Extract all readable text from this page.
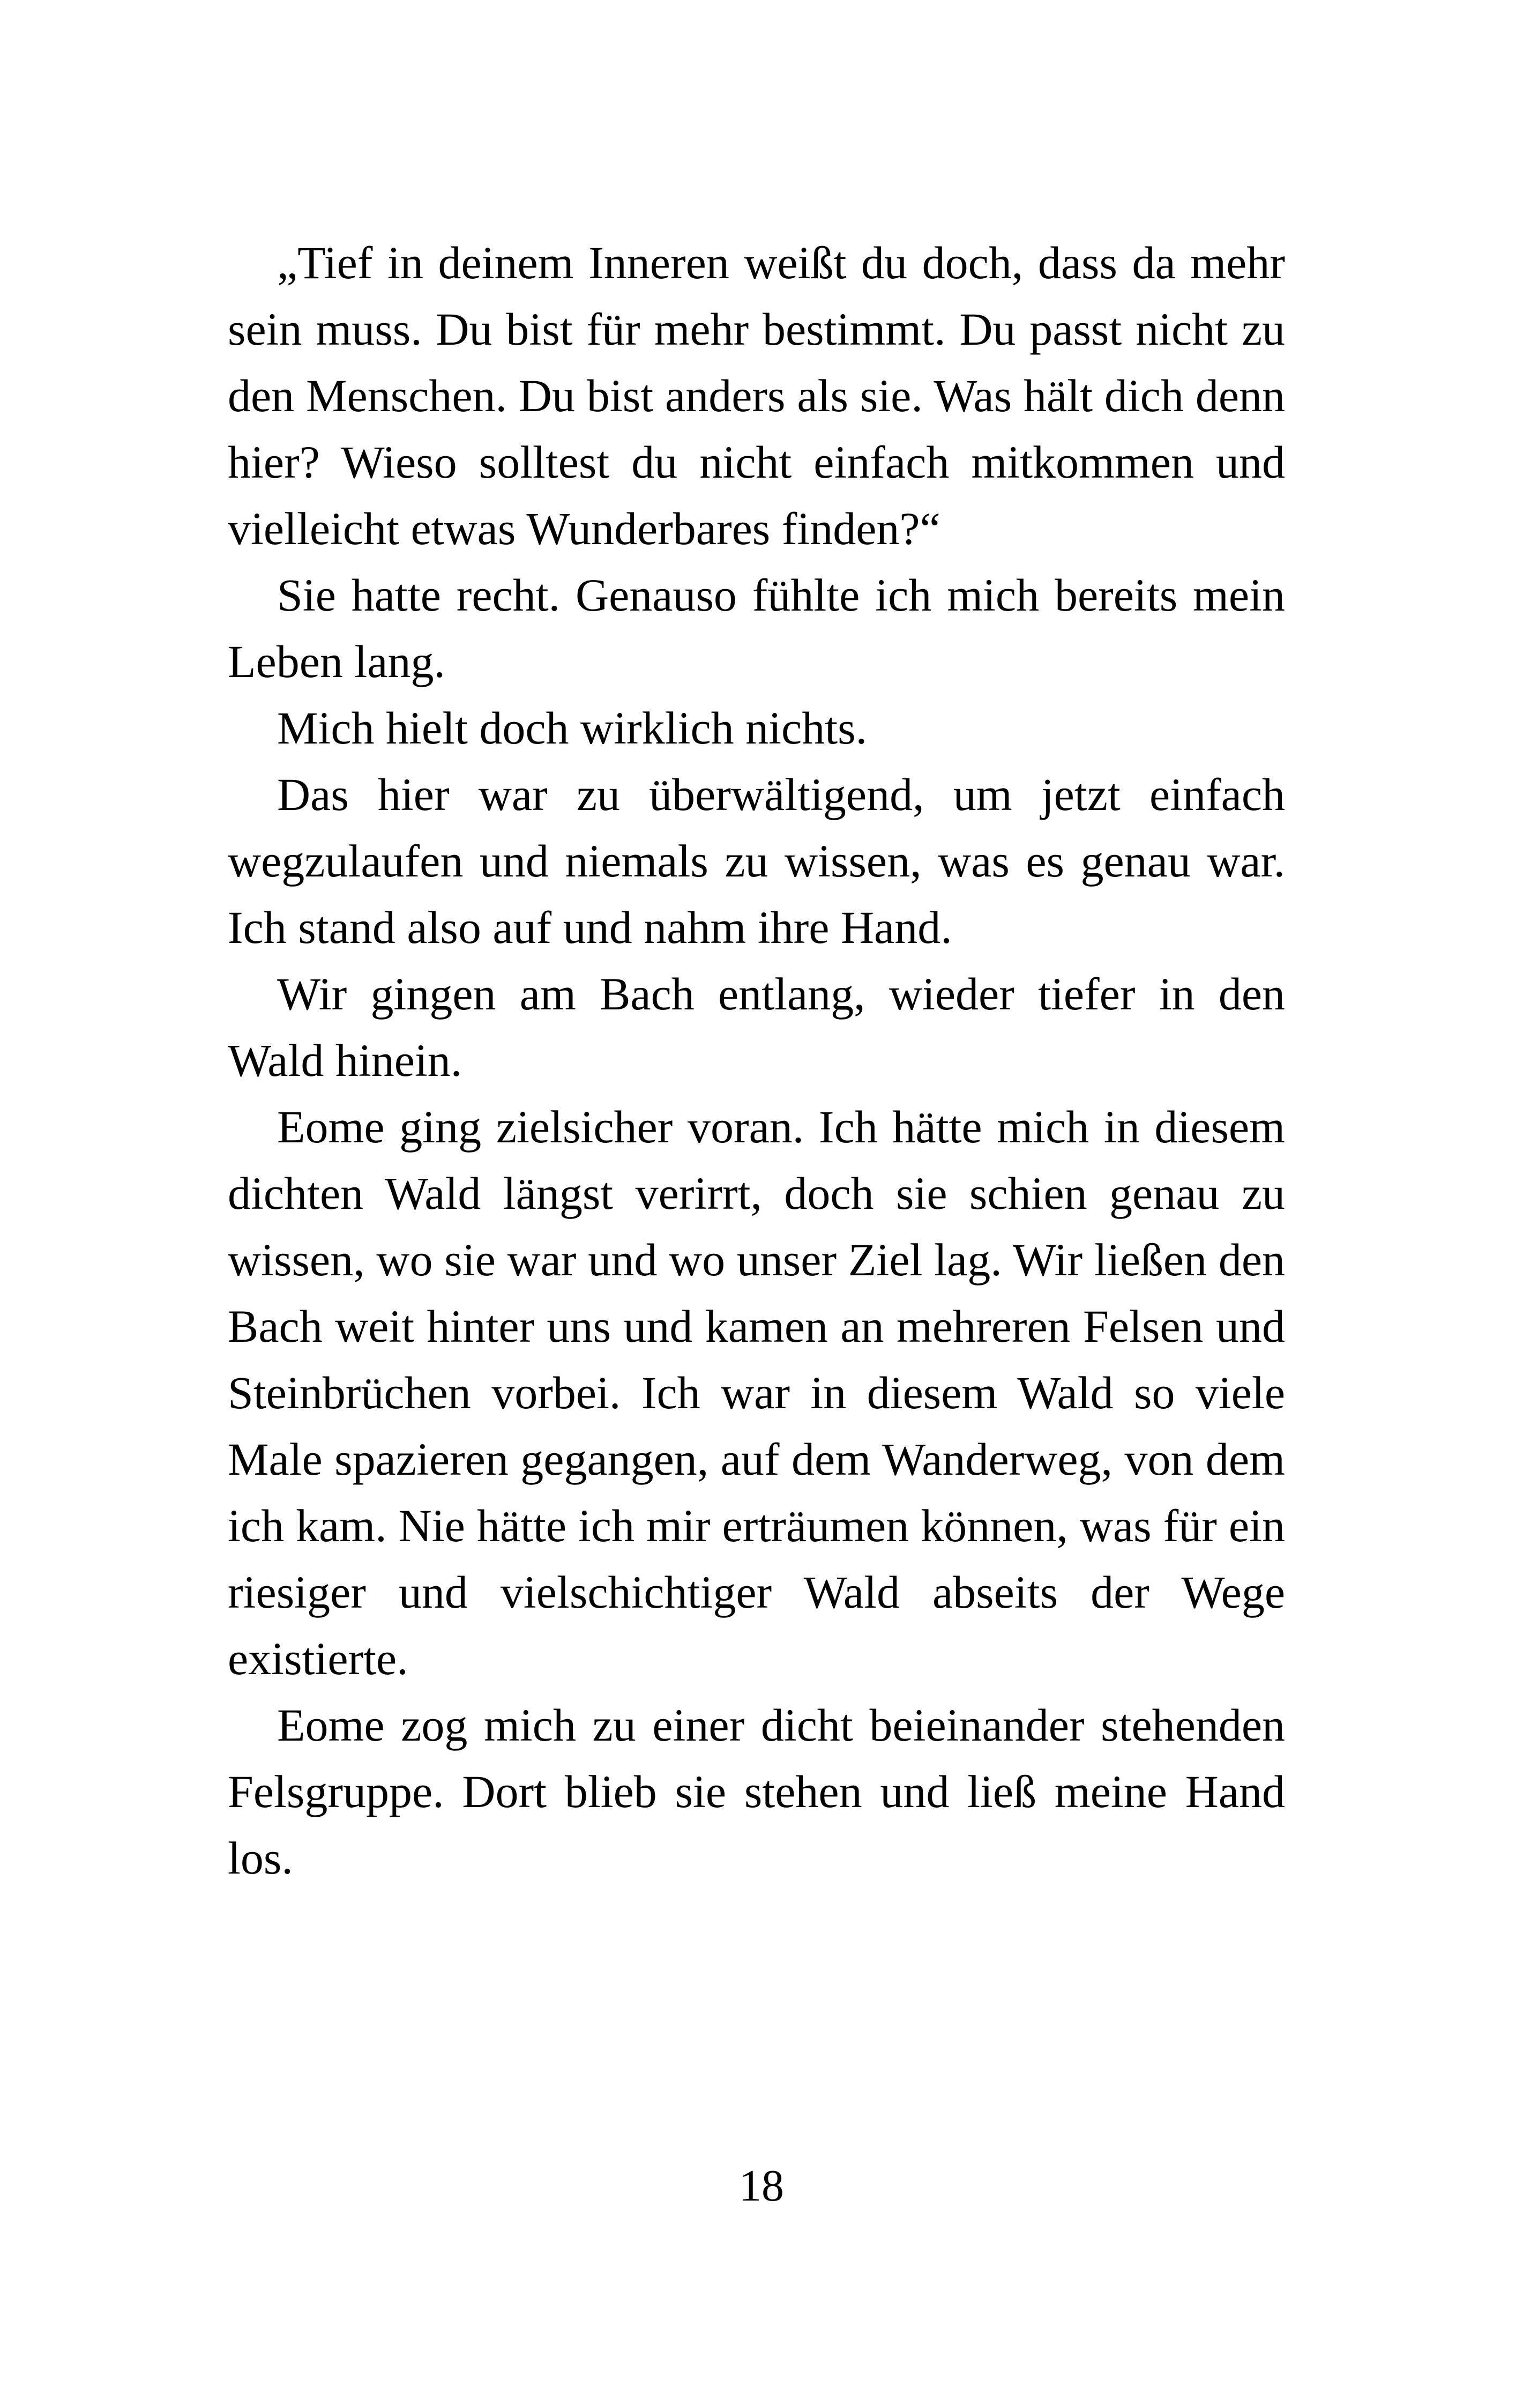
„Tief in deinem Inneren weißt du doch, dass da mehr sein muss. Du bist für mehr bestimmt. Du passt nicht zu den Menschen. Du bist anders als sie. Was hält dich denn hier? Wieso solltest du nicht einfach mitkommen und vielleicht etwas Wunderbares finden?“

Sie hatte recht. Genauso fühlte ich mich bereits mein Leben lang.

Mich hielt doch wirklich nichts.

Das hier war zu überwältigend, um jetzt einfach wegzulaufen und niemals zu wissen, was es genau war. Ich stand also auf und nahm ihre Hand.

Wir gingen am Bach entlang, wieder tiefer in den Wald hinein.

Eome ging zielsicher voran. Ich hätte mich in diesem dichten Wald längst verirrt, doch sie schien genau zu wissen, wo sie war und wo unser Ziel lag. Wir ließen den Bach weit hinter uns und kamen an mehreren Felsen und Steinbrüchen vorbei. Ich war in diesem Wald so viele Male spazieren gegangen, auf dem Wanderweg, von dem ich kam. Nie hätte ich mir erträumen können, was für ein riesiger und vielschichtiger Wald abseits der Wege existierte.

Eome zog mich zu einer dicht beieinander stehenden Felsgruppe. Dort blieb sie stehen und ließ meine Hand los.

18
